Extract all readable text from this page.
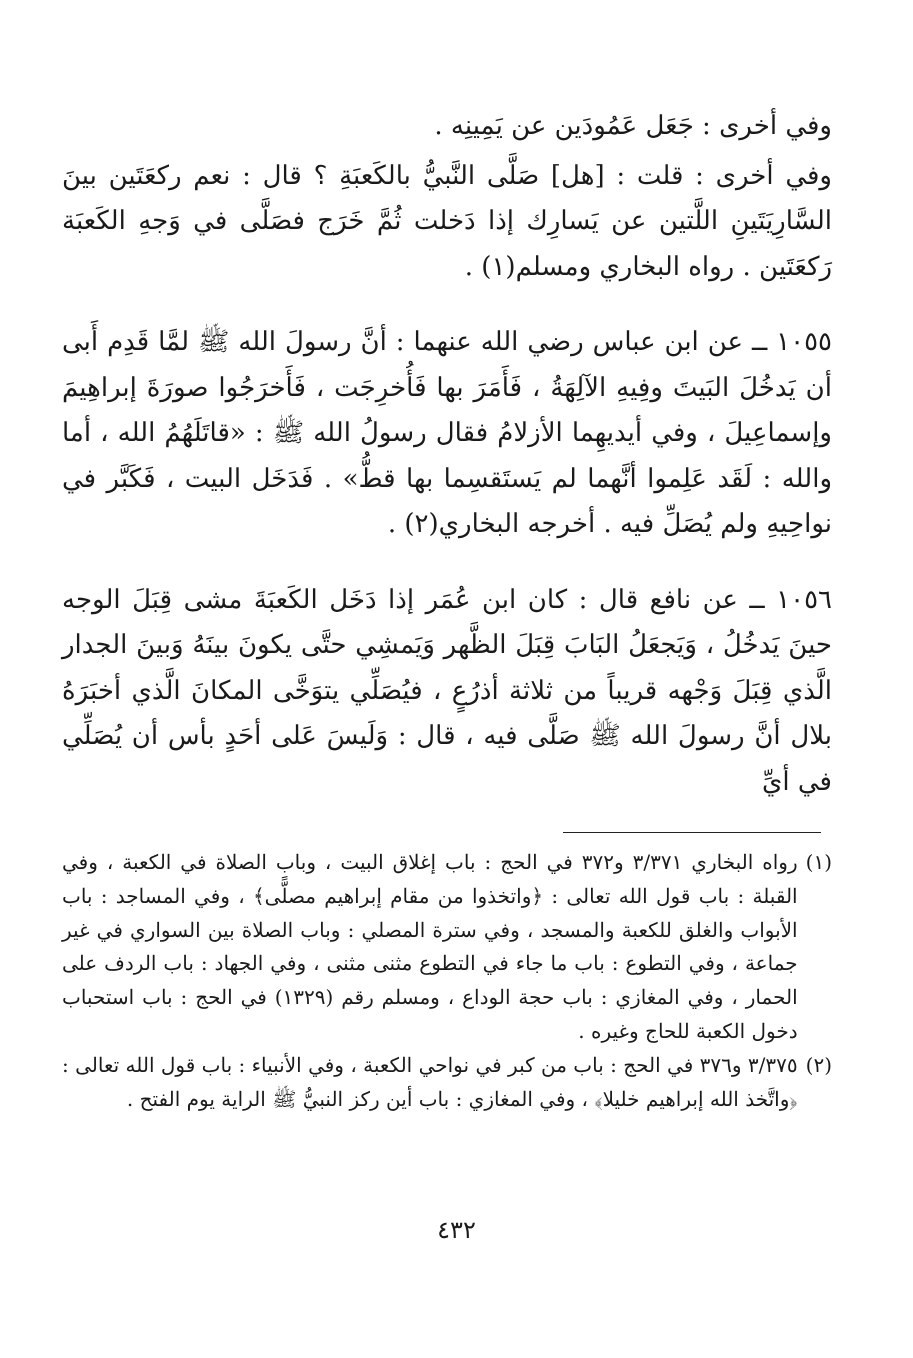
وفي أخرى : جَعَل عَمُودَين عن يَمِينِه .

وفي أخرى : قلت : [هل] صَلَّى النَّبيُّ بالكَعبَةِ ؟ قال : نعم ركعَتَين بينَ السَّارِيَتَينِ اللَّتين عن يَسارِك إذا دَخلت ثُمَّ خَرَج فصَلَّى في وَجهِ الكَعبَة رَكعَتَين . رواه البخاري ومسلم(١) .

١٠٥٥ ــ عن ابن عباس رضي الله عنهما : أنَّ رسولَ الله ﷺ لمَّا قَدِم أَبى أن يَدخُلَ البَيتَ وفِيهِ الآلِهَةُ ، فَأَمَرَ بها فَأُخرِجَت ، فَأَخرَجُوا صورَةَ إبراهِيمَ وإسماعِيلَ ، وفي أيديهِما الأزلامُ فقال رسولُ الله ﷺ : «قاتَلَهُمُ الله ، أما والله : لَقَد عَلِموا أنَّهما لم يَستَقسِما بها قطُّ» . فَدَخَل البيت ، فَكَبَّر في نواحِيهِ ولم يُصَلِّ فيه . أخرجه البخاري(٢) .

١٠٥٦ ــ عن نافع قال : كان ابن عُمَر إذا دَخَل الكَعبَةَ مشى قِبَلَ الوجه حينَ يَدخُلُ ، وَيَجعَلُ البَابَ قِبَلَ الظَّهر وَيَمشِي حتَّى يكونَ بينَهُ وَبينَ الجدار الَّذي قِبَلَ وَجْهه قريباً من ثلاثة أذرُعٍ ، فيُصَلِّي يتوَخَّى المكانَ الَّذي أخبَرَهُ بلال أنَّ رسولَ الله ﷺ صَلَّى فيه ، قال : وَلَيسَ عَلى أحَدٍ بأس أن يُصَلِّي في أيِّ

(١)
رواه البخاري ٣/٣٧١ و٣٧٢ في الحج : باب إغلاق البيت ، وباب الصلاة في الكعبة ، وفي القبلة : باب قول الله تعالى : ﴿واتخذوا من مقام إبراهيم مصلًّى﴾ ، وفي المساجد : باب الأبواب والغلق للكعبة والمسجد ، وفي سترة المصلي : وباب الصلاة بين السواري في غير جماعة ، وفي التطوع : باب ما جاء في التطوع مثنى مثنى ، وفي الجهاد : باب الردف على الحمار ، وفي المغازي : باب حجة الوداع ، ومسلم رقم (١٣٢٩) في الحج : باب استحباب دخول الكعبة للحاج وغيره .
(٢)
٣/٣٧٥ و٣٧٦ في الحج : باب من كبر في نواحي الكعبة ، وفي الأنبياء : باب قول الله تعالى : ﴿واتَّخذ الله إبراهيم خليلا﴾ ، وفي المغازي : باب أين ركز النبيُّ ﷺ الراية يوم الفتح .
٤٣٢
